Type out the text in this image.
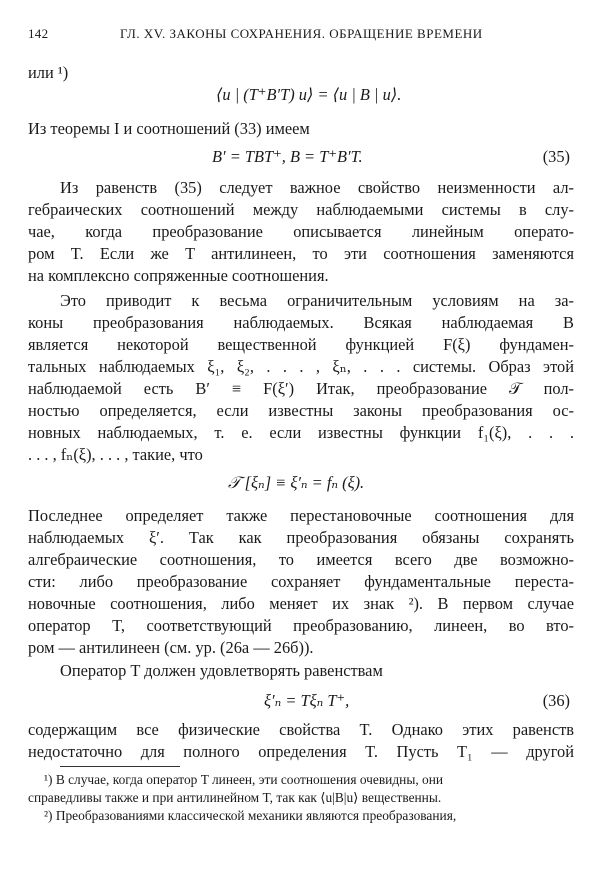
142	ГЛ. XV. ЗАКОНЫ СОХРАНЕНИЯ. ОБРАЩЕНИЕ ВРЕМЕНИ
или ¹)
⟨u | (T⁺B′T) u⟩ = ⟨u | B | u⟩.
Из теоремы I и соотношений (33) имеем
B′ = TBT⁺, B = T⁺B′T.	(35)
Из равенств (35) следует важное свойство неизменности ал-
гебраических соотношений между наблюдаемыми системы в слу-
чае, когда преобразование описывается линейным операто-
ром T. Если же T антилинеен, то эти соотношения заменяются
на комплексно сопряженные соотношения.
Это приводит к весьма ограничительным условиям на за-
коны преобразования наблюдаемых. Всякая наблюдаемая B
является некоторой вещественной функцией F(ξ) фундамен-
тальных наблюдаемых ξ₁, ξ₂, . . . , ξₙ, . . . системы. Образ этой
наблюдаемой есть B′ ≡ F(ξ′) Итак, преобразование 𝒯 пол-
ностью определяется, если известны законы преобразования ос-
новных наблюдаемых, т. е. если известны функции f₁(ξ), . . .
. . . , fₙ(ξ), . . . , такие, что
𝒯 [ξₙ] ≡ ξ′ₙ = fₙ (ξ).
Последнее определяет также перестановочные соотношения для
наблюдаемых ξ′. Так как преобразования обязаны сохранять
алгебраические соотношения, то имеется всего две возможно-
сти: либо преобразование сохраняет фундаментальные переста-
новочные соотношения, либо меняет их знак ²). В первом случае
оператор T, соответствующий преобразованию, линеен, во вто-
ром — антилинеен (см. ур. (26а — 26б)).
Оператор T должен удовлетворять равенствам
ξ′ₙ = Tξₙ T⁺,	(36)
содержащим все физические свойства T. Однако этих равенств
недостаточно для полного определения T. Пусть T₁ — другой
¹) В случае, когда оператор T линеен, эти соотношения очевидны, они
справедливы также и при антилинейном T, так как ⟨u|B|u⟩ вещественны.
²) Преобразованиями классической механики являются преобразования,
